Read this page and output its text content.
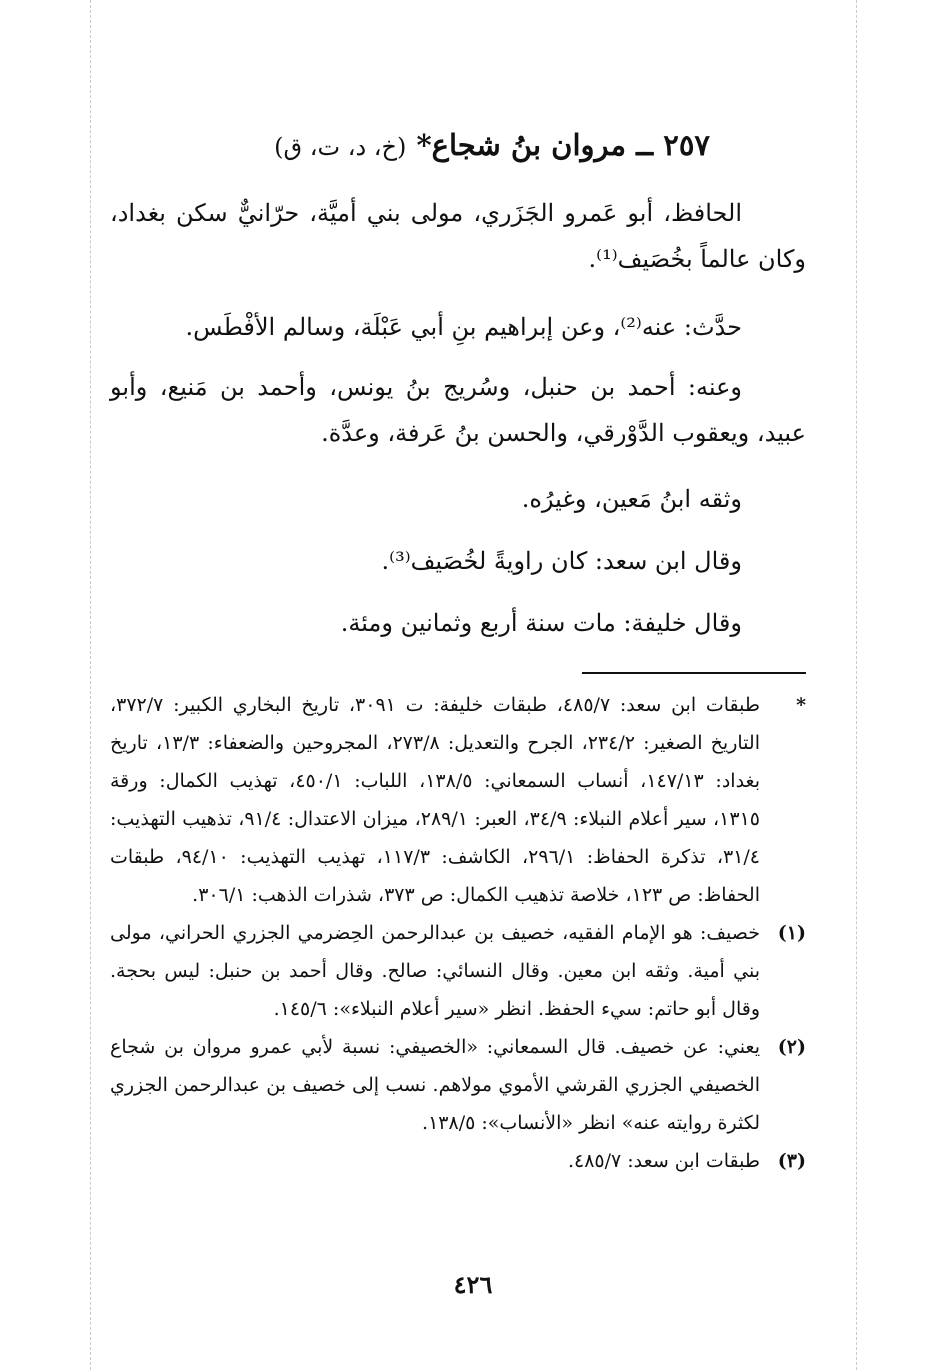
٢٥٧ ــ مروان بنُ شجاع* (خ، د، ت، ق)

الحافظ، أبو عَمرو الجَزَري، مولى بني أميَّة، حرّانيٌّ سكن بغداد، وكان عالماً بخُصَيف⁽¹⁾.

حدَّث: عنه⁽²⁾، وعن إبراهيم بنِ أبي عَبْلَة، وسالم الأفْطَس.

وعنه: أحمد بن حنبل، وسُريج بنُ يونس، وأحمد بن مَنيع، وأبو عبيد، ويعقوب الدَّوْرقي، والحسن بنُ عَرفة، وعدَّة.

وثقه ابنُ مَعين، وغيرُه.

وقال ابن سعد: كان راويةً لخُصَيف⁽³⁾.

وقال خليفة: مات سنة أربع وثمانين ومئة.

*
طبقات ابن سعد: ٤٨٥/٧، طبقات خليفة: ت ٣٠٩١، تاريخ البخاري الكبير: ٣٧٢/٧، التاريخ الصغير: ٢٣٤/٢، الجرح والتعديل: ٢٧٣/٨، المجروحين والضعفاء: ١٣/٣، تاريخ بغداد: ١٤٧/١٣، أنساب السمعاني: ١٣٨/٥، اللباب: ٤٥٠/١، تهذيب الكمال: ورقة ١٣١٥، سير أعلام النبلاء: ٣٤/٩، العبر: ٢٨٩/١، ميزان الاعتدال: ٩١/٤، تذهيب التهذيب: ٣١/٤، تذكرة الحفاظ: ٢٩٦/١، الكاشف: ١١٧/٣، تهذيب التهذيب: ٩٤/١٠، طبقات الحفاظ: ص ١٢٣، خلاصة تذهيب الكمال: ص ٣٧٣، شذرات الذهب: ٣٠٦/١.
(١)
خصيف: هو الإمام الفقيه، خصيف بن عبدالرحمن الحِضرمي الجزري الحراني، مولى بني أمية. وثقه ابن معين. وقال النسائي: صالح. وقال أحمد بن حنبل: ليس بحجة. وقال أبو حاتم: سيء الحفظ. انظر «سير أعلام النبلاء»: ١٤٥/٦.
(٢)
يعني: عن خصيف. قال السمعاني: «الخصيفي: نسبة لأبي عمرو مروان بن شجاع الخصيفي الجزري القرشي الأموي مولاهم. نسب إلى خصيف بن عبدالرحمن الجزري لكثرة روايته عنه» انظر «الأنساب»: ١٣٨/٥.
(٣)
طبقات ابن سعد: ٤٨٥/٧.
٤٢٦
